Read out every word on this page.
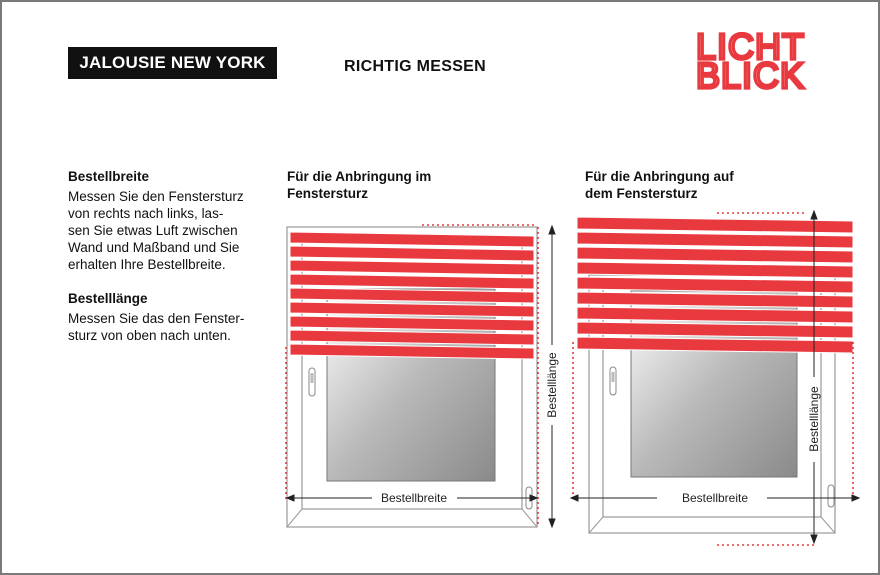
JALOUSIE NEW YORK	RICHTIG MESSEN	LICHT
BLICK
Bestellbreite

Messen Sie den Fenstersturz
von rechts nach links, las-
sen Sie etwas Luft zwischen
Wand und Maßband und Sie
erhalten Ihre Bestellbreite.

Bestelllänge

Messen Sie das den Fenster-
sturz von oben nach unten.

Für die Anbringung im
Fenstersturz
Für die Anbringung auf
dem Fenstersturz
Bestellbreite
Bestelllänge
Bestellbreite
Bestelllänge
